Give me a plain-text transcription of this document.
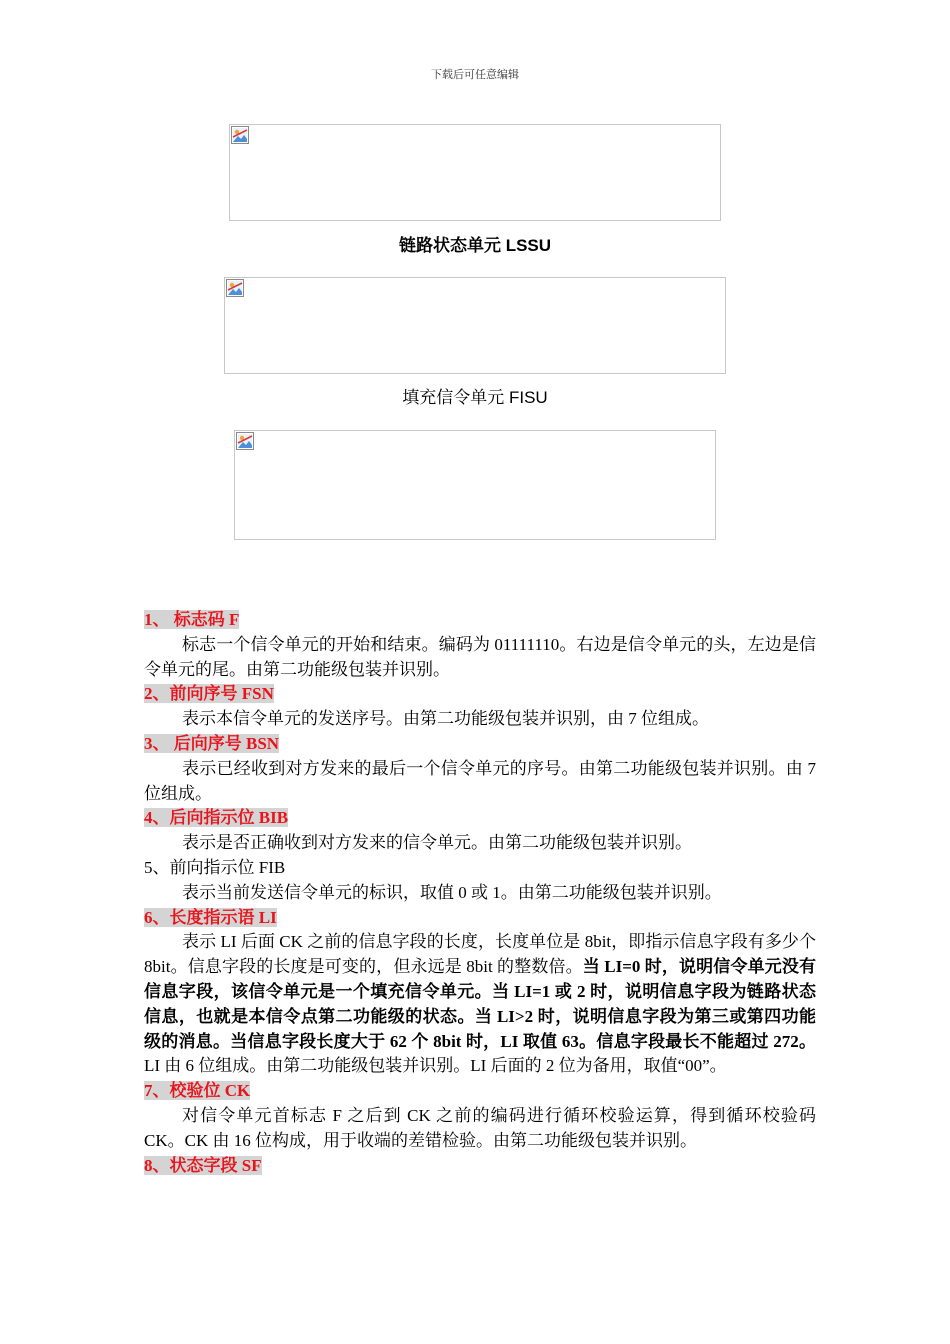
下载后可任意编辑
链路状态单元 LSSU
填充信令单元 FISU

1、 标志码 F

标志一个信令单元的开始和结束。编码为 01111110。右边是信令单元的头，左边是信令单元的尾。由第二功能级包装并识别。

2、前向序号 FSN

表示本信令单元的发送序号。由第二功能级包装并识别，由 7 位组成。

3、 后向序号 BSN

表示已经收到对方发来的最后一个信令单元的序号。由第二功能级包装并识别。由 7 位组成。

4、后向指示位 BIB

表示是否正确收到对方发来的信令单元。由第二功能级包装并识别。

5、前向指示位 FIB

表示当前发送信令单元的标识，取值 0 或 1。由第二功能级包装并识别。

6、长度指示语 LI

表示 LI 后面 CK 之前的信息字段的长度，长度单位是 8bit，即指示信息字段有多少个 8bit。信息字段的长度是可变的，但永远是 8bit 的整数倍。当 LI=0 时，说明信令单元没有信息字段，该信令单元是一个填充信令单元。当 LI=1 或 2 时，说明信息字段为链路状态信息，也就是本信令点第二功能级的状态。当 LI>2 时，说明信息字段为第三或第四功能级的消息。当信息字段长度大于 62 个 8bit 时，LI 取值 63。信息字段最长不能超过 272。LI 由 6 位组成。由第二功能级包装并识别。LI 后面的 2 位为备用，取值“00”。

7、校验位 CK

对信令单元首标志 F 之后到 CK 之前的编码进行循环校验运算，得到循环校验码 CK。CK 由 16 位构成，用于收端的差错检验。由第二功能级包装并识别。

8、状态字段 SF
